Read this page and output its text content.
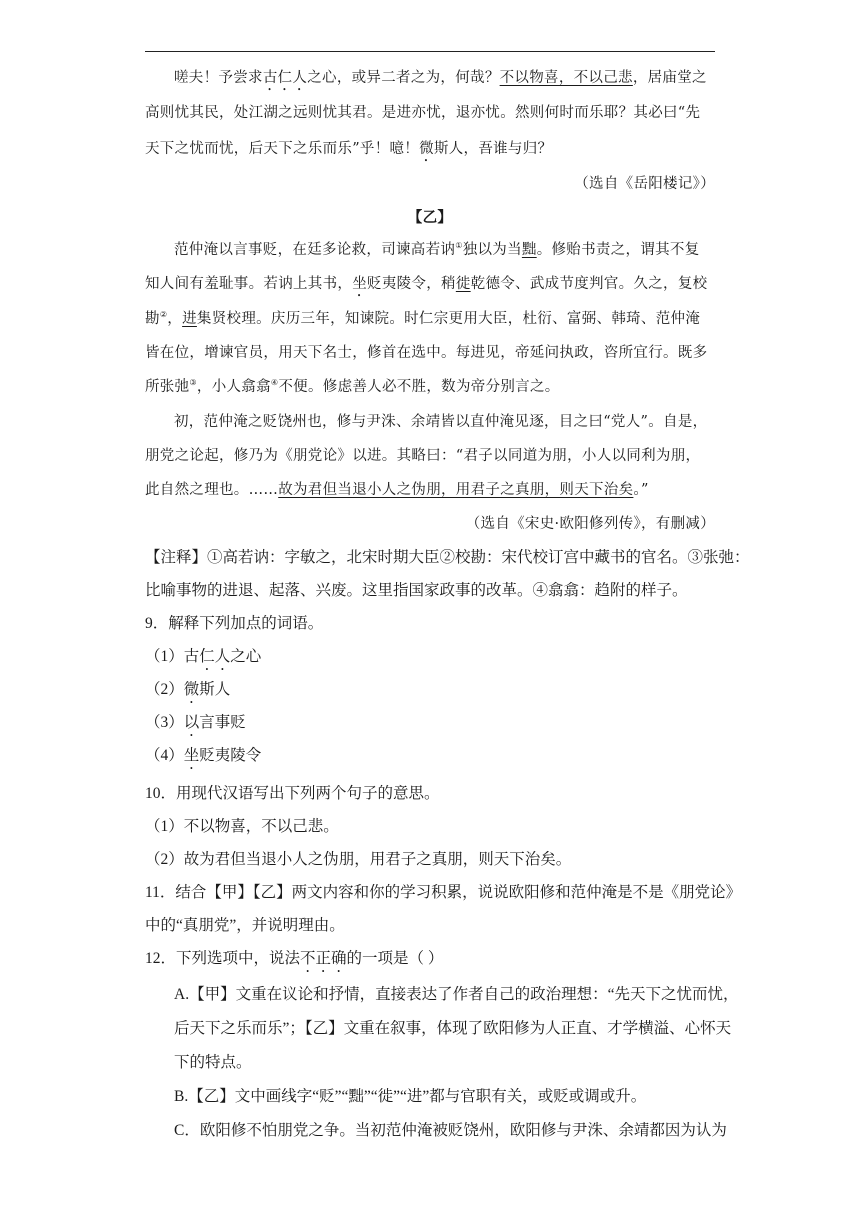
嗟夫！予尝求古仁人之心，或异二者之为，何哉？不以物喜，不以己悲，居庙堂之
高则忧其民，处江湖之远则忧其君。是进亦忧，退亦忧。然则何时而乐耶？其必曰“先
天下之忧而忧，后天下之乐而乐”乎！噫！微斯人，吾谁与归？
（选自《岳阳楼记》）
【乙】
范仲淹以言事贬，在廷多论救，司谏高若讷①独以为当黜。修贻书责之，谓其不复
知人间有羞耻事。若讷上其书，坐贬夷陵令，稍徙乾德令、武成节度判官。久之，复校
勘②，进集贤校理。庆历三年，知谏院。时仁宗更用大臣，杜衍、富弼、韩琦、范仲淹
皆在位，增谏官员，用天下名士，修首在选中。每进见，帝延问执政，咨所宜行。既多
所张弛③，小人翕翕④不便。修虑善人必不胜，数为帝分别言之。
初，范仲淹之贬饶州也，修与尹洙、余靖皆以直仲淹见逐，目之曰“党人”。自是，
朋党之论起，修乃为《朋党论》以进。其略曰：“君子以同道为朋，小人以同利为朋，
此自然之理也。……故为君但当退小人之伪朋，用君子之真朋，则天下治矣。”
（选自《宋史·欧阳修列传》，有删减）
【注释】①高若讷：字敏之，北宋时期大臣②校勘：宋代校订宫中藏书的官名。③张弛：
比喻事物的进退、起落、兴废。这里指国家政事的改革。④翕翕：趋附的样子。
9．解释下列加点的词语。
（1）古仁人之心
（2）微斯人
（3）以言事贬
（4）坐贬夷陵令
10．用现代汉语写出下列两个句子的意思。
（1）不以物喜，不以己悲。
（2）故为君但当退小人之伪朋，用君子之真朋，则天下治矣。
11．结合【甲】【乙】两文内容和你的学习积累，说说欧阳修和范仲淹是不是《朋党论》
中的“真朋党”，并说明理由。
12．下列选项中，说法不正确的一项是（ ）
A.【甲】文重在议论和抒情，直接表达了作者自己的政治理想：“先天下之忧而忧，
后天下之乐而乐”；【乙】文重在叙事，体现了欧阳修为人正直、才学横溢、心怀天
下的特点。
B.【乙】文中画线字“贬”“黜”“徙”“进”都与官职有关，或贬或调或升。
C．欧阳修不怕朋党之争。当初范仲淹被贬饶州，欧阳修与尹洙、余靖都因为认为
